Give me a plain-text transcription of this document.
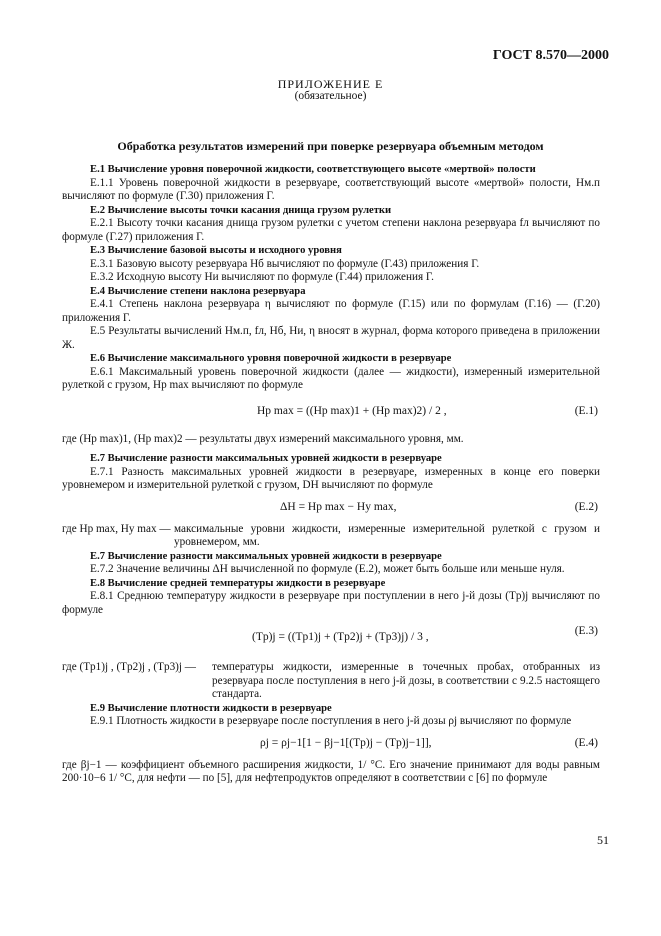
ГОСТ 8.570—2000
ПРИЛОЖЕНИЕ Е
(обязательное)
Обработка результатов измерений при поверке резервуара объемным методом

Е.1 Вычисление уровня поверочной жидкости, соответствующего высоте «мертвой» полости

Е.1.1 Уровень поверочной жидкости в резервуаре, соответствующий высоте «мертвой» полости, Hм.п вычисляют по формуле (Г.30) приложения Г.

Е.2 Вычисление высоты точки касания днища грузом рулетки

Е.2.1 Высоту точки касания днища грузом рулетки с учетом степени наклона резервуара fл вычисляют по формуле (Г.27) приложения Г.

Е.3 Вычисление базовой высоты и исходного уровня

Е.3.1 Базовую высоту резервуара Hб вычисляют по формуле (Г.43) приложения Г.

Е.3.2 Исходную высоту Hи вычисляют по формуле (Г.44) приложения Г.

Е.4 Вычисление степени наклона резервуара

Е.4.1 Степень наклона резервуара η вычисляют по формуле (Г.15) или по формулам (Г.16) — (Г.20) приложения Г.

Е.5 Результаты вычислений Hм.п, fл, Hб, Hи, η вносят в журнал, форма которого приведена в приложении Ж.

Е.6 Вычисление максимального уровня поверочной жидкости в резервуаре

Е.6.1 Максимальный уровень поверочной жидкости (далее — жидкости), измеренный измерительной рулеткой с грузом, Hр max вычисляют по формуле

Hр max = ((Hр max)1 + (Hр max)2) / 2 ,	(Е.1)

где (Hр max)1, (Hр max)2 — результаты двух измерений максимального уровня, мм.

Е.7 Вычисление разности максимальных уровней жидкости в резервуаре

Е.7.1 Разность максимальных уровней жидкости в резервуаре, измеренных в конце его поверки уровнемером и измерительной рулеткой с грузом, DH вычисляют по формуле

ΔH = Hр max − Hу max,	(Е.2)
где Hр max, Hу max — максимальные уровни жидкости, измеренные измерительной рулеткой с грузом и уровнемером, мм.

Е.7 Вычисление разности максимальных уровней жидкости в резервуаре

Е.7.2 Значение величины ΔH вычисленной по формуле (Е.2), может быть больше или меньше нуля.

Е.8 Вычисление средней температуры жидкости в резервуаре

Е.8.1 Среднюю температуру жидкости в резервуаре при поступлении в него j-й дозы (Tр)j вычисляют по формуле

(Tр)j = ((Tр1)j + (Tр2)j + (Tр3)j) / 3 ,	(Е.3)
где (Tр1)j , (Tр2)j , (Tр3)j —	температуры жидкости, измеренные в точечных пробах, отобранных из резервуара после поступления в него j-й дозы, в соответствии с 9.2.5 настоящего стандарта.

Е.9 Вычисление плотности жидкости в резервуаре

Е.9.1 Плотность жидкости в резервуаре после поступления в него j-й дозы ρj вычисляют по формуле

ρj = ρj−1[1 − βj−1[(Tр)j − (Tр)j−1]],	(Е.4)

где βj−1 — коэффициент объемного расширения жидкости, 1/ °С. Его значение принимают для воды равным 200·10−6 1/ °С, для нефти — по [5], для нефтепродуктов определяют в соответствии с [6] по формуле

51
